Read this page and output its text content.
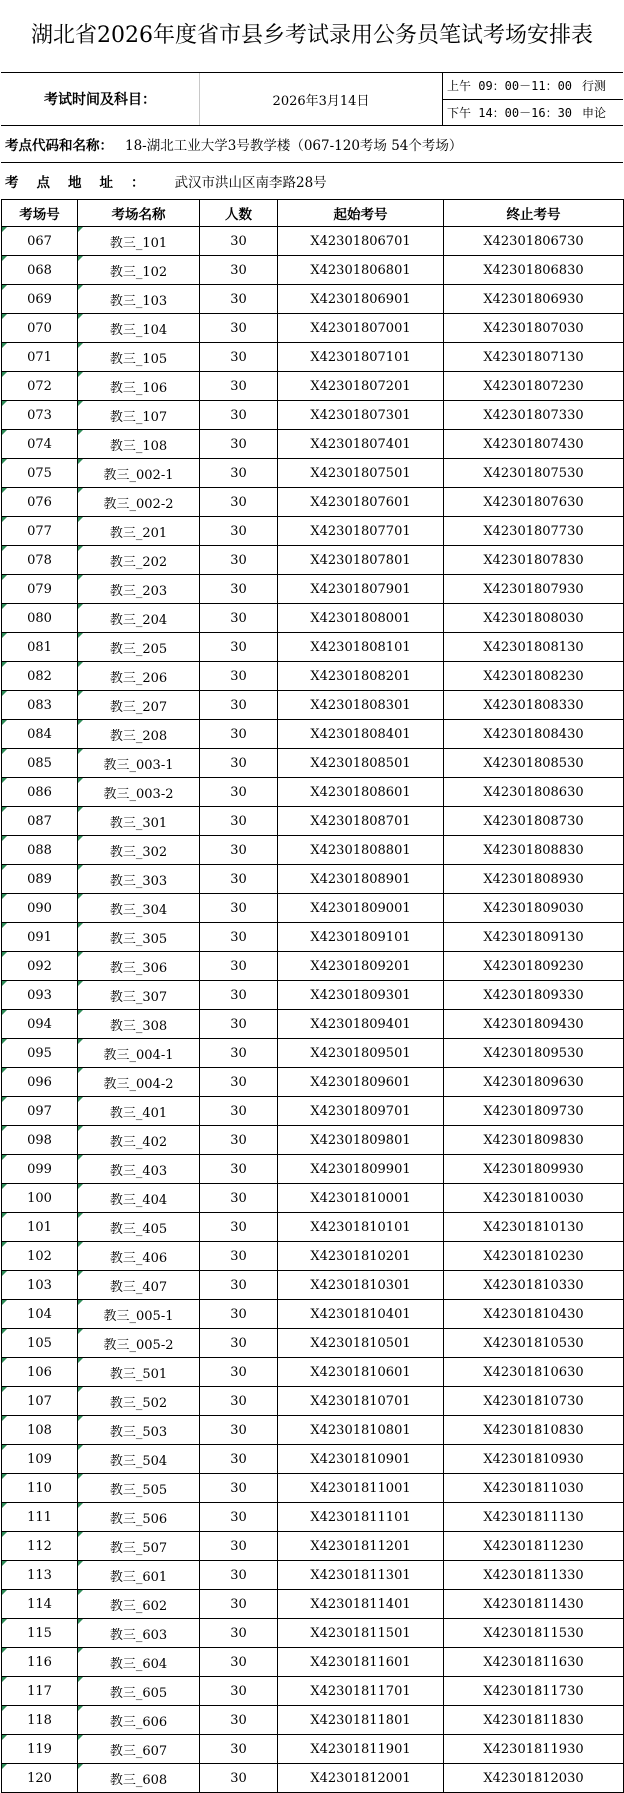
湖北省2026年度省市县乡考试录用公务员笔试考场安排表
考试时间及科目：	2026年3月14日
上午 09：00－11：00 行测
下午 14：00－16：30 申论
考点代码和名称： 18-湖北工业大学3号教学楼（067-120考场 54个考场）
考点地址： 武汉市洪山区南李路28号
考场号	考场名称	人数	起始考号	终止考号
067	教三_101	30	X42301806701	X42301806730
068	教三_102	30	X42301806801	X42301806830
069	教三_103	30	X42301806901	X42301806930
070	教三_104	30	X42301807001	X42301807030
071	教三_105	30	X42301807101	X42301807130
072	教三_106	30	X42301807201	X42301807230
073	教三_107	30	X42301807301	X42301807330
074	教三_108	30	X42301807401	X42301807430
075	教三_002-1	30	X42301807501	X42301807530
076	教三_002-2	30	X42301807601	X42301807630
077	教三_201	30	X42301807701	X42301807730
078	教三_202	30	X42301807801	X42301807830
079	教三_203	30	X42301807901	X42301807930
080	教三_204	30	X42301808001	X42301808030
081	教三_205	30	X42301808101	X42301808130
082	教三_206	30	X42301808201	X42301808230
083	教三_207	30	X42301808301	X42301808330
084	教三_208	30	X42301808401	X42301808430
085	教三_003-1	30	X42301808501	X42301808530
086	教三_003-2	30	X42301808601	X42301808630
087	教三_301	30	X42301808701	X42301808730
088	教三_302	30	X42301808801	X42301808830
089	教三_303	30	X42301808901	X42301808930
090	教三_304	30	X42301809001	X42301809030
091	教三_305	30	X42301809101	X42301809130
092	教三_306	30	X42301809201	X42301809230
093	教三_307	30	X42301809301	X42301809330
094	教三_308	30	X42301809401	X42301809430
095	教三_004-1	30	X42301809501	X42301809530
096	教三_004-2	30	X42301809601	X42301809630
097	教三_401	30	X42301809701	X42301809730
098	教三_402	30	X42301809801	X42301809830
099	教三_403	30	X42301809901	X42301809930
100	教三_404	30	X42301810001	X42301810030
101	教三_405	30	X42301810101	X42301810130
102	教三_406	30	X42301810201	X42301810230
103	教三_407	30	X42301810301	X42301810330
104	教三_005-1	30	X42301810401	X42301810430
105	教三_005-2	30	X42301810501	X42301810530
106	教三_501	30	X42301810601	X42301810630
107	教三_502	30	X42301810701	X42301810730
108	教三_503	30	X42301810801	X42301810830
109	教三_504	30	X42301810901	X42301810930
110	教三_505	30	X42301811001	X42301811030
111	教三_506	30	X42301811101	X42301811130
112	教三_507	30	X42301811201	X42301811230
113	教三_601	30	X42301811301	X42301811330
114	教三_602	30	X42301811401	X42301811430
115	教三_603	30	X42301811501	X42301811530
116	教三_604	30	X42301811601	X42301811630
117	教三_605	30	X42301811701	X42301811730
118	教三_606	30	X42301811801	X42301811830
119	教三_607	30	X42301811901	X42301811930
120	教三_608	30	X42301812001	X42301812030
